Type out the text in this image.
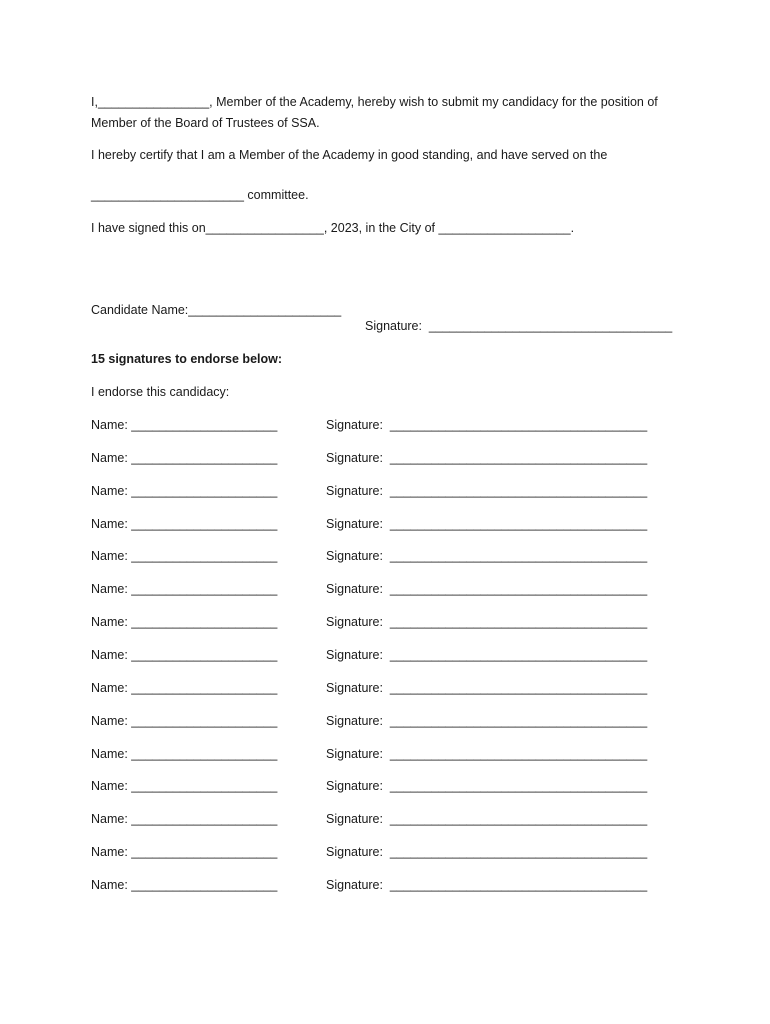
I,________________, Member of the Academy, hereby wish to submit my candidacy for the position of
Member of the Board of Trustees of SSA.
I hereby certify that I am a Member of the Academy in good standing, and have served on the
______________________ committee.
I have signed this on_________________, 2023, in the City of ___________________.

Candidate Name:______________________

Signature:  ___________________________________

15 signatures to endorse below:
I endorse this candidacy:
Name: _____________________	Signature:  _____________________________________
Name: _____________________	Signature:  _____________________________________
Name: _____________________	Signature:  _____________________________________
Name: _____________________	Signature:  _____________________________________
Name: _____________________	Signature:  _____________________________________
Name: _____________________	Signature:  _____________________________________
Name: _____________________	Signature:  _____________________________________
Name: _____________________	Signature:  _____________________________________
Name: _____________________	Signature:  _____________________________________
Name: _____________________	Signature:  _____________________________________
Name: _____________________	Signature:  _____________________________________
Name: _____________________	Signature:  _____________________________________
Name: _____________________	Signature:  _____________________________________
Name: _____________________	Signature:  _____________________________________
Name: _____________________	Signature:  _____________________________________
